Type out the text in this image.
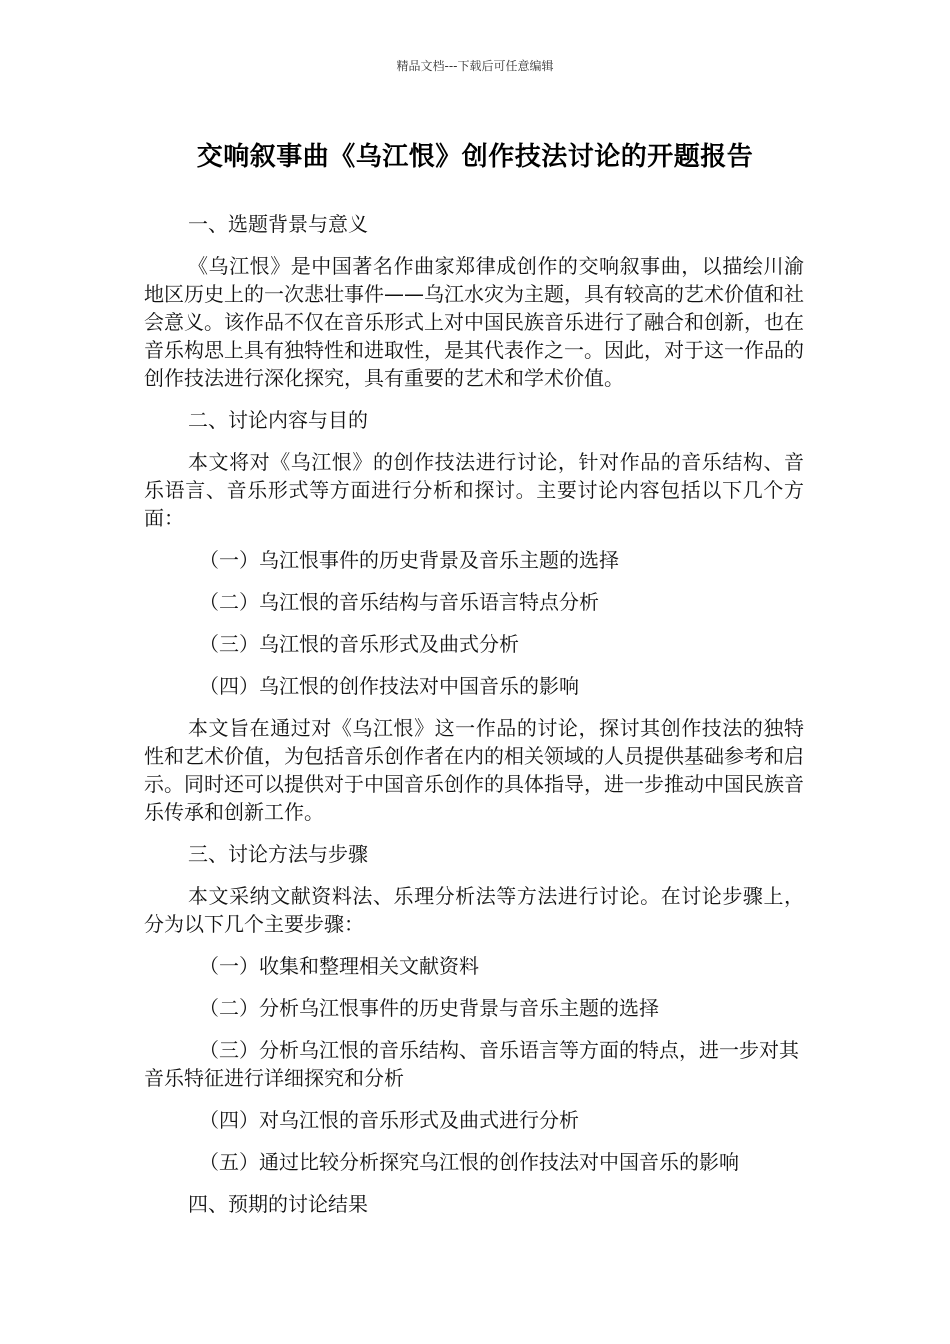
精品文档---下载后可任意编辑
交响叙事曲《乌江恨》创作技法讨论的开题报告
一、选题背景与意义
《乌江恨》是中国著名作曲家郑律成创作的交响叙事曲，以描绘川渝地区历史上的一次悲壮事件——乌江水灾为主题，具有较高的艺术价值和社会意义。该作品不仅在音乐形式上对中国民族音乐进行了融合和创新，也在音乐构思上具有独特性和进取性，是其代表作之一。因此，对于这一作品的创作技法进行深化探究，具有重要的艺术和学术价值。
二、讨论内容与目的
本文将对《乌江恨》的创作技法进行讨论，针对作品的音乐结构、音乐语言、音乐形式等方面进行分析和探讨。主要讨论内容包括以下几个方面：
（一）乌江恨事件的历史背景及音乐主题的选择
（二）乌江恨的音乐结构与音乐语言特点分析
（三）乌江恨的音乐形式及曲式分析
（四）乌江恨的创作技法对中国音乐的影响
本文旨在通过对《乌江恨》这一作品的讨论，探讨其创作技法的独特性和艺术价值，为包括音乐创作者在内的相关领域的人员提供基础参考和启示。同时还可以提供对于中国音乐创作的具体指导，进一步推动中国民族音乐传承和创新工作。
三、讨论方法与步骤
本文采纳文献资料法、乐理分析法等方法进行讨论。在讨论步骤上，分为以下几个主要步骤：
（一）收集和整理相关文献资料
（二）分析乌江恨事件的历史背景与音乐主题的选择
（三）分析乌江恨的音乐结构、音乐语言等方面的特点，进一步对其音乐特征进行详细探究和分析
（四）对乌江恨的音乐形式及曲式进行分析
（五）通过比较分析探究乌江恨的创作技法对中国音乐的影响
四、预期的讨论结果
